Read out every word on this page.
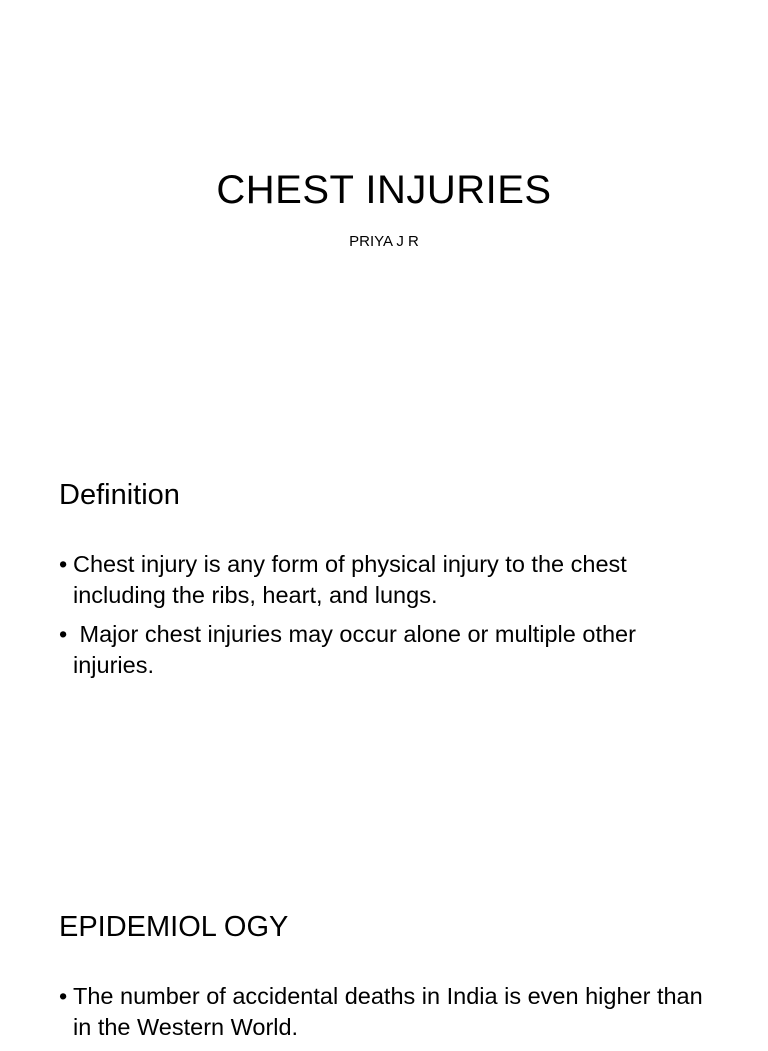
CHEST INJURIES

PRIYA J R

Definition
• Chest injury is any form of physical injury to the chest including the ribs, heart, and lungs.
• Major chest injuries may occur alone or multiple other injuries.
EPIDEMIOL OGY
• The number of accidental deaths in India is even higher than in the Western World.
